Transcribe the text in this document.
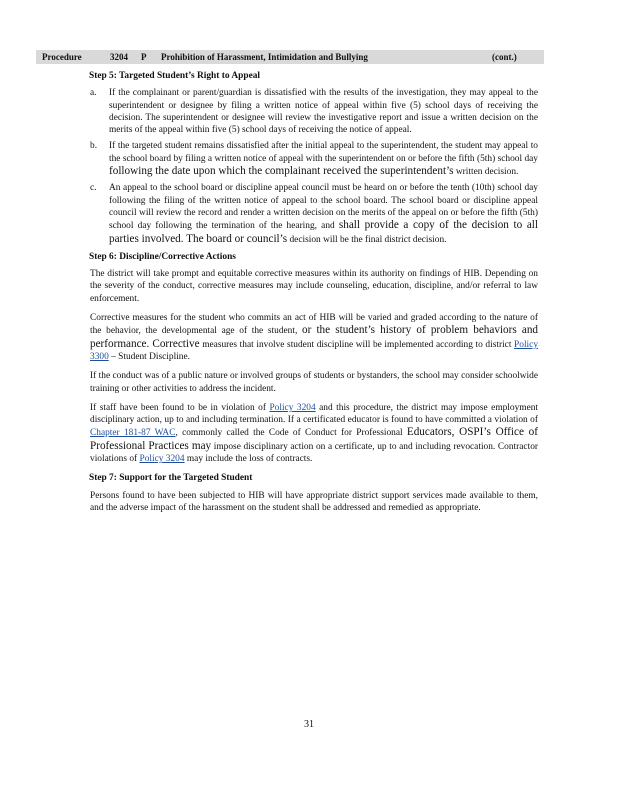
Procedure	3204 P Prohibition of Harassment, Intimidation and Bullying	(cont.)
Step 5: Targeted Student’s Right to Appeal
a. If the complainant or parent/guardian is dissatisfied with the results of the investigation, they may appeal to the superintendent or designee by filing a written notice of appeal within five (5) school days of receiving the decision. The superintendent or designee will review the investigative report and issue a written decision on the merits of the appeal within five (5) school days of receiving the notice of appeal.
b. If the targeted student remains dissatisfied after the initial appeal to the superintendent, the student may appeal to the school board by filing a written notice of appeal with the superintendent on or before the fifth (5th) school day following the date upon which the complainant received the superintendent’s written decision.
c. An appeal to the school board or discipline appeal council must be heard on or before the tenth (10th) school day following the filing of the written notice of appeal to the school board. The school board or discipline appeal council will review the record and render a written decision on the merits of the appeal on or before the fifth (5th) school day following the termination of the hearing, and shall provide a copy of the decision to all parties involved. The board or council’s decision will be the final district decision.
Step 6: Discipline/Corrective Actions

The district will take prompt and equitable corrective measures within its authority on findings of HIB. Depending on the severity of the conduct, corrective measures may include counseling, education, discipline, and/or referral to law enforcement.

Corrective measures for the student who commits an act of HIB will be varied and graded according to the nature of the behavior, the developmental age of the student, or the student’s history of problem behaviors and performance. Corrective measures that involve student discipline will be implemented according to district Policy 3300 – Student Discipline.

If the conduct was of a public nature or involved groups of students or bystanders, the school may consider schoolwide training or other activities to address the incident.

If staff have been found to be in violation of Policy 3204 and this procedure, the district may impose employment disciplinary action, up to and including termination. If a certificated educator is found to have committed a violation of Chapter 181-87 WAC, commonly called the Code of Conduct for Professional Educators, OSPI’s Office of Professional Practices may impose disciplinary action on a certificate, up to and including revocation. Contractor violations of Policy 3204 may include the loss of contracts.

Step 7: Support for the Targeted Student

Persons found to have been subjected to HIB will have appropriate district support services made available to them, and the adverse impact of the harassment on the student shall be addressed and remedied as appropriate.

31
